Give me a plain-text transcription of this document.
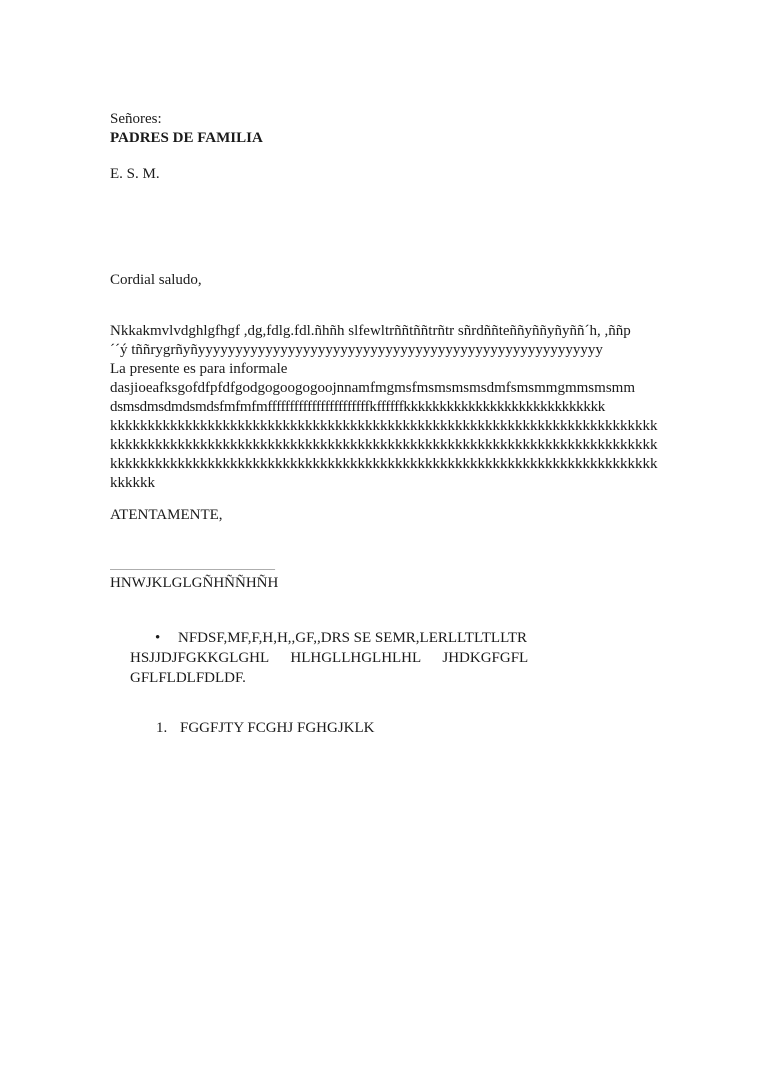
Señores:
PADRES DE FAMILIA
E. S. M.
Cordial saludo,
Nkkakmvlvdghlgfhgf ,dg,fdlg.fdl.ñhñh slfewltrññtññtrñtr sñrdññteññyññyñyññ´h, ,ññp
´´ý tññrygrñyñyyyyyyyyyyyyyyyyyyyyyyyyyyyyyyyyyyyyyyyyyyyyyyyyyyyyyy
La presente es para informale
dasjioeafksgofdfpfdfgodgogoogogoojnnamfmgmsfmsmsmsmsdmfsmsmmgmmsmsmm
dsmsdmsdmdsmdsfmfmfmfffffffffffffffffffffffkffffffkkkkkkkkkkkkkkkkkkkkkkkkkkkk
kkkkkkkkkkkkkkkkkkkkkkkkkkkkkkkkkkkkkkkkkkkkkkkkkkkkkkkkkkkkkkkkkkkkkkkkk
kkkkkkkkkkkkkkkkkkkkkkkkkkkkkkkkkkkkkkkkkkkkkkkkkkkkkkkkkkkkkkkkkkkkkkkkk
kkkkkkkkkkkkkkkkkkkkkkkkkkkkkkkkkkkkkkkkkkkkkkkkkkkkkkkkkkkkkkkkkkkkkkkkk
kkkkkk
ATENTAMENTE,
______________________________
HNWJKLGLGÑHÑÑHÑH
•	NFDSF,MF,F,H,H,,GF,,DRS SE SEMR,LERLLTLTLLTR
HSJJDJFGKKGLGHL HLHGLLHGLHLHL JHDKGFGFL
GFLFLDLFDLDF.
1. FGGFJTY FCGHJ FGHGJKLK
